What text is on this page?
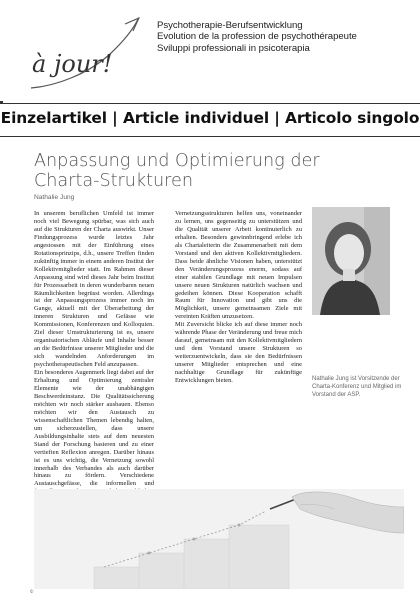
à jour!
Psychotherapie-Berufsentwicklung
Evolution de la profession de psychothérapeute
Sviluppi professionali in psicoterapia
Einzelartikel | Article individuel | Articolo singolo
Anpassung und Optimierung der Charta-Strukturen
Nathalie Jung

In unserem beruflichen Umfeld ist immer noch viel Bewegung spürbar, was sich auch auf die Strukturen der Charta auswirkt. Unser Findungsprozess wurde letztes Jahr angestossen mit der Einführung eines Rotationsprinzips, d.h., unsere Treffen finden zukünftig immer in einem anderen Institut der Kollektivmitglieder statt. Im Rahmen dieser Anpassung sind wird dieses Jahr beim Institut für Prozessarbeit in deren wunderbaren neuen Räumlichkeiten begrüsst worden. Allerdings ist der Anpassungsprozess immer noch im Gange, aktuell mit der Überarbeitung der inneren Strukturen und Gefässe wie Kommissionen, Konferenzen und Kolloquien. Ziel dieser Umstrukturierung ist es, unsere organisatorischen Abläufe und Inhalte besser an die Bedürfnisse unserer Mitglieder und die sich wandelnden Anforderungen im psychotherapeutischen Feld anzupassen.

Ein besonderes Augenmerk liegt dabei auf der Erhaltung und Optimierung zentraler Elemente wie der unabhängigen Beschwerdeinstanz. Die Qualitätssicherung möchten wir noch stärker ausbauen. Ebenso möchten wir den Austausch zu wissenschaftlichen Themen lebendig halten, um sicherzustellen, dass unsere Ausbildungsinhalte stets auf dem neuesten Stand der Forschung basieren und zu einer vertieften Reflexion anregen. Darüber hinaus ist es uns wichtig, die Vernetzung sowohl innerhalb des Verbandes als auch darüber hinaus zu fördern. Verschiedene Austauschgefässe, die informellen und

Vernetzungsstrukturen helfen uns, voneinander zu lernen, uns gegenseitig zu unterstützen und die Qualität unserer Arbeit kontinuierlich zu erhalten. Besonders gewinnbringend erlebe ich als Chartaleiterin die Zusammenarbeit mit dem Vorstand und den aktiven Kollektivmitgliedern. Dass beide ähnliche Visionen haben, unterstützt den Veränderungsprozess enorm, sodass auf einer stabilen Grundlage mit neuen Impulsen unsere neuen Strukturen natürlich wachsen und gedeihen können. Diese Kooperation schafft Raum für Innovation und gibt uns die Möglichkeit, unsere gemeinsamen Ziele mit vereinten Kräften umzusetzen.

Mit Zuversicht blicke ich auf diese immer noch währende Phase der Veränderung und freue mich darauf, gemeinsam mit den Kollektivmitgliedern und dem Vorstand unsere Strukturen so weiterzuentwickeln, dass sie den Bedürfnissen unserer Mitglieder entsprechen und eine nachhaltige Grundlage für zukünftige Entwicklungen bieten.	Nathalie Jung ist Vorsitzende der Charta-Konferenz und Mitglied im Vorstand der ASP.
©
